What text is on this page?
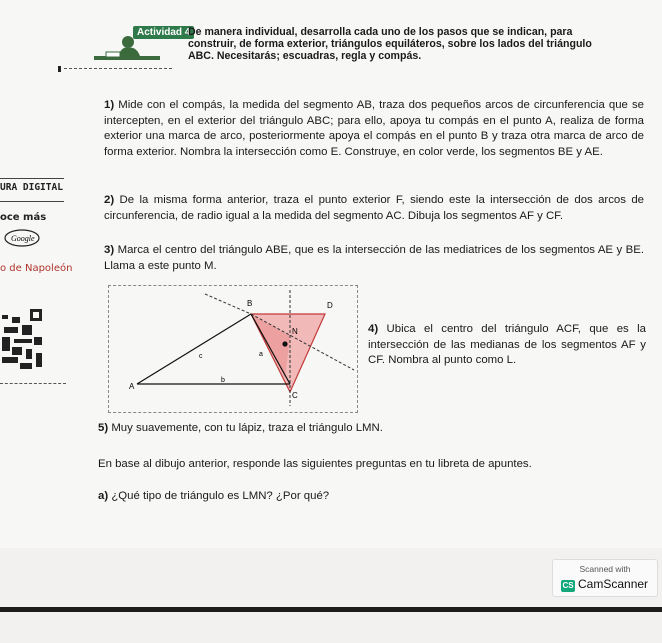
Actividad 4
De manera individual, desarrolla cada uno de los pasos que se indican, para construir, de forma exterior, triángulos equiláteros, sobre los lados del triángulo ABC. Necesitarás; escuadras, regla y compás.
URA DIGITAL
oce más
Google
o de Napoleón
1) Mide con el compás, la medida del segmento AB, traza dos pequeños arcos de circunferencia que se intercepten, en el exterior del triángulo ABC; para ello, apoya tu compás en el punto A, realiza de forma exterior una marca de arco, posteriormente apoya el compás en el punto B y traza otra marca de arco de forma exterior. Nombra la intersección como E. Construye, en color verde, los segmentos BE y AE.
2) De la misma forma anterior, traza el punto exterior F, siendo este la intersección de dos arcos de circunferencia, de radio igual a la medida del segmento AC. Dibuja los segmentos AF y CF.
3) Marca el centro del triángulo ABE, que es la intersección de las mediatrices de los segmentos AE y BE. Llama a este punto M.
B	D
N
A
C
a
b
c
4) Ubica el centro del triángulo ACF, que es la intersección de las medianas de los segmentos AF y CF. Nombra al punto como L.
5) Muy suavemente, con tu lápiz, traza el triángulo LMN.
En base al dibujo anterior, responde las siguientes preguntas en tu libreta de apuntes.
a) ¿Qué tipo de triángulo es LMN? ¿Por qué?
Scanned with
CS CamScanner
